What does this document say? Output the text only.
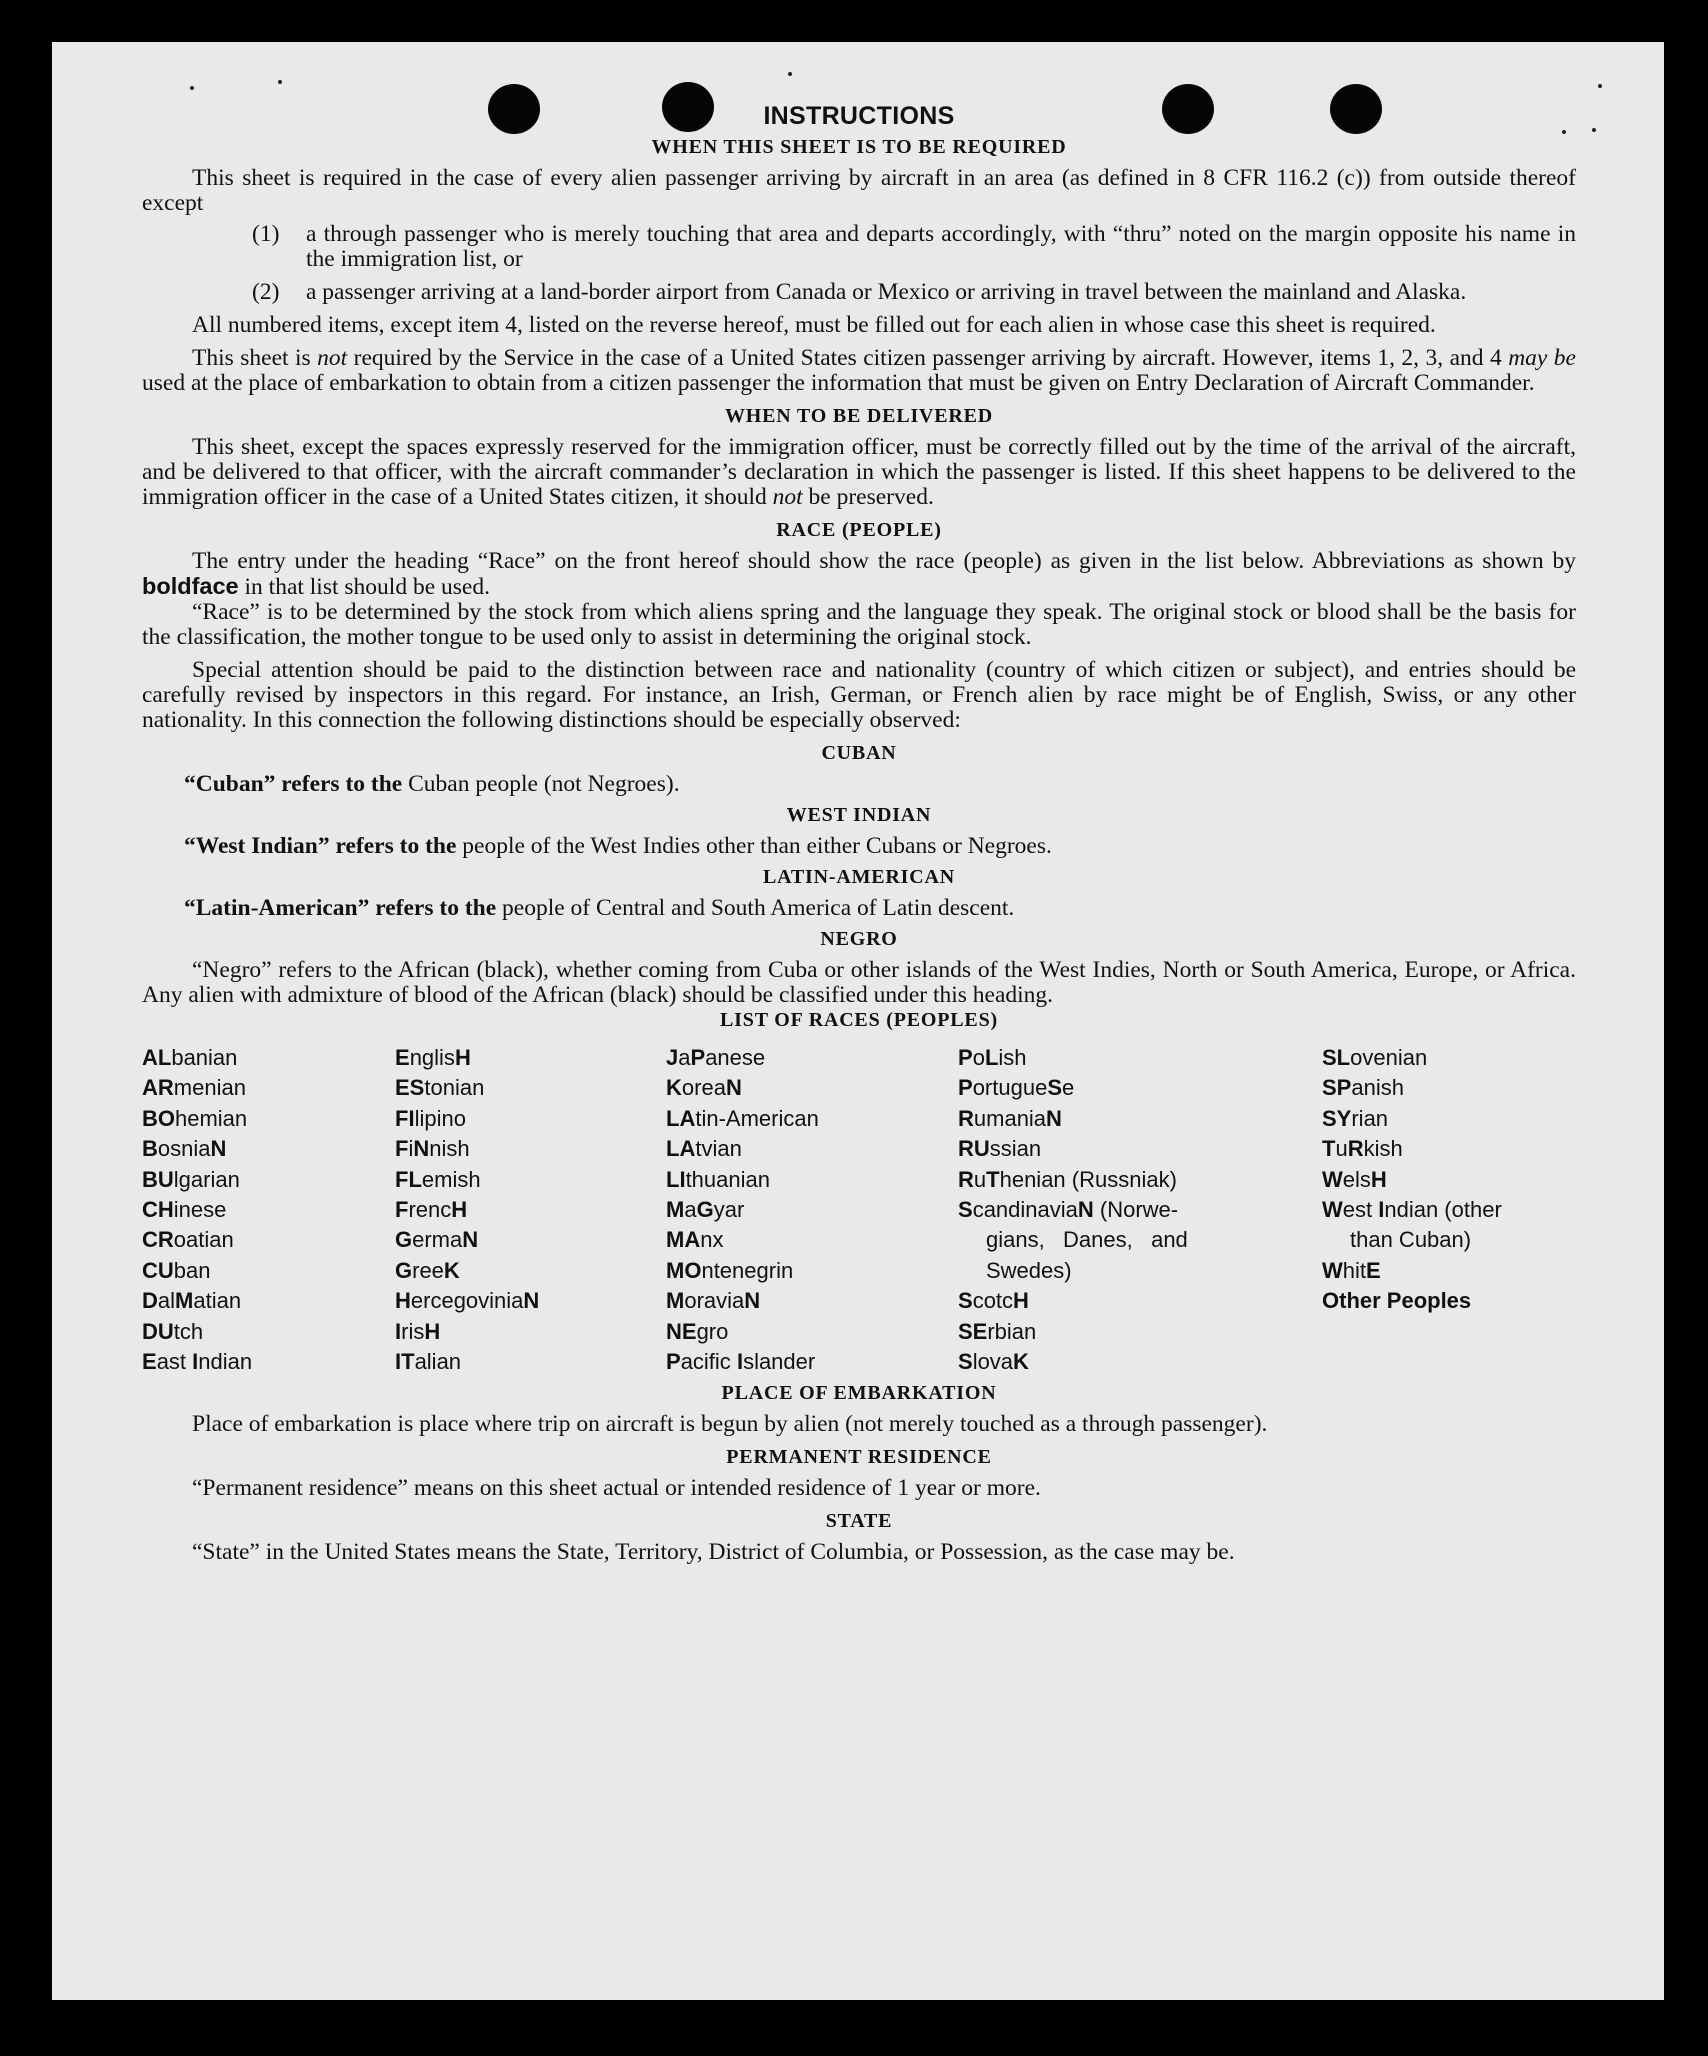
INSTRUCTIONS
WHEN THIS SHEET IS TO BE REQUIRED
This sheet is required in the case of every alien passenger arriving by aircraft in an area (as defined in 8 CFR 116.2 (c)) from outside thereof except
(1)	a through passenger who is merely touching that area and departs accordingly, with “thru” noted on the margin opposite his name in the immigration list, or
(2)	a passenger arriving at a land-border airport from Canada or Mexico or arriving in travel between the mainland and Alaska.
All numbered items, except item 4, listed on the reverse hereof, must be filled out for each alien in whose case this sheet is required.
This sheet is not required by the Service in the case of a United States citizen passenger arriving by aircraft. However, items 1, 2, 3, and 4 may be used at the place of embarkation to obtain from a citizen passenger the information that must be given on Entry Declaration of Aircraft Commander.
WHEN TO BE DELIVERED
This sheet, except the spaces expressly reserved for the immigration officer, must be correctly filled out by the time of the arrival of the aircraft, and be delivered to that officer, with the aircraft commander’s declaration in which the passenger is listed. If this sheet happens to be delivered to the immigration officer in the case of a United States citizen, it should not be preserved.
RACE (PEOPLE)
The entry under the heading “Race” on the front hereof should show the race (people) as given in the list below. Abbreviations as shown by boldface in that list should be used.
“Race” is to be determined by the stock from which aliens spring and the language they speak. The original stock or blood shall be the basis for the classification, the mother tongue to be used only to assist in determining the original stock.
Special attention should be paid to the distinction between race and nationality (country of which citizen or subject), and entries should be carefully revised by inspectors in this regard. For instance, an Irish, German, or French alien by race might be of English, Swiss, or any other nationality. In this connection the following distinctions should be especially observed:
CUBAN
“Cuban” refers to the Cuban people (not Negroes).
WEST INDIAN
“West Indian” refers to the people of the West Indies other than either Cubans or Negroes.
LATIN-AMERICAN
“Latin-American” refers to the people of Central and South America of Latin descent.
NEGRO
“Negro” refers to the African (black), whether coming from Cuba or other islands of the West Indies, North or South America, Europe, or Africa. Any alien with admixture of blood of the African (black) should be classified under this heading.
LIST OF RACES (PEOPLES)
ALbanian
ARmenian
BOhemian
BosniaN
BUlgarian
CHinese
CRoatian
CUban
DalMatian
DUtch
East Indian
EnglisH
EStonian
FIlipino
FiNnish
FLemish
FrencH
GermaN
GreeK
HercegoviniaN
IrisH
ITalian
JaPanese
KoreaN
LAtin-American
LAtvian
LIthuanian
MaGyar
MAnx
MOntenegrin
MoraviaN
NEgro
Pacific Islander
PoLish
PortugueSe
RumaniaN
RUssian
RuThenian (Russniak)
ScandinaviaN (Norwe-
gians,   Danes,   and
Swedes)
ScotcH
SErbian
SlovaK
SLovenian
SPanish
SYrian
TuRkish
WelsH
West Indian (other
than Cuban)
WhitE
Other Peoples
PLACE OF EMBARKATION
Place of embarkation is place where trip on aircraft is begun by alien (not merely touched as a through passenger).
PERMANENT RESIDENCE
“Permanent residence” means on this sheet actual or intended residence of 1 year or more.
STATE
“State” in the United States means the State, Territory, District of Columbia, or Possession, as the case may be.
